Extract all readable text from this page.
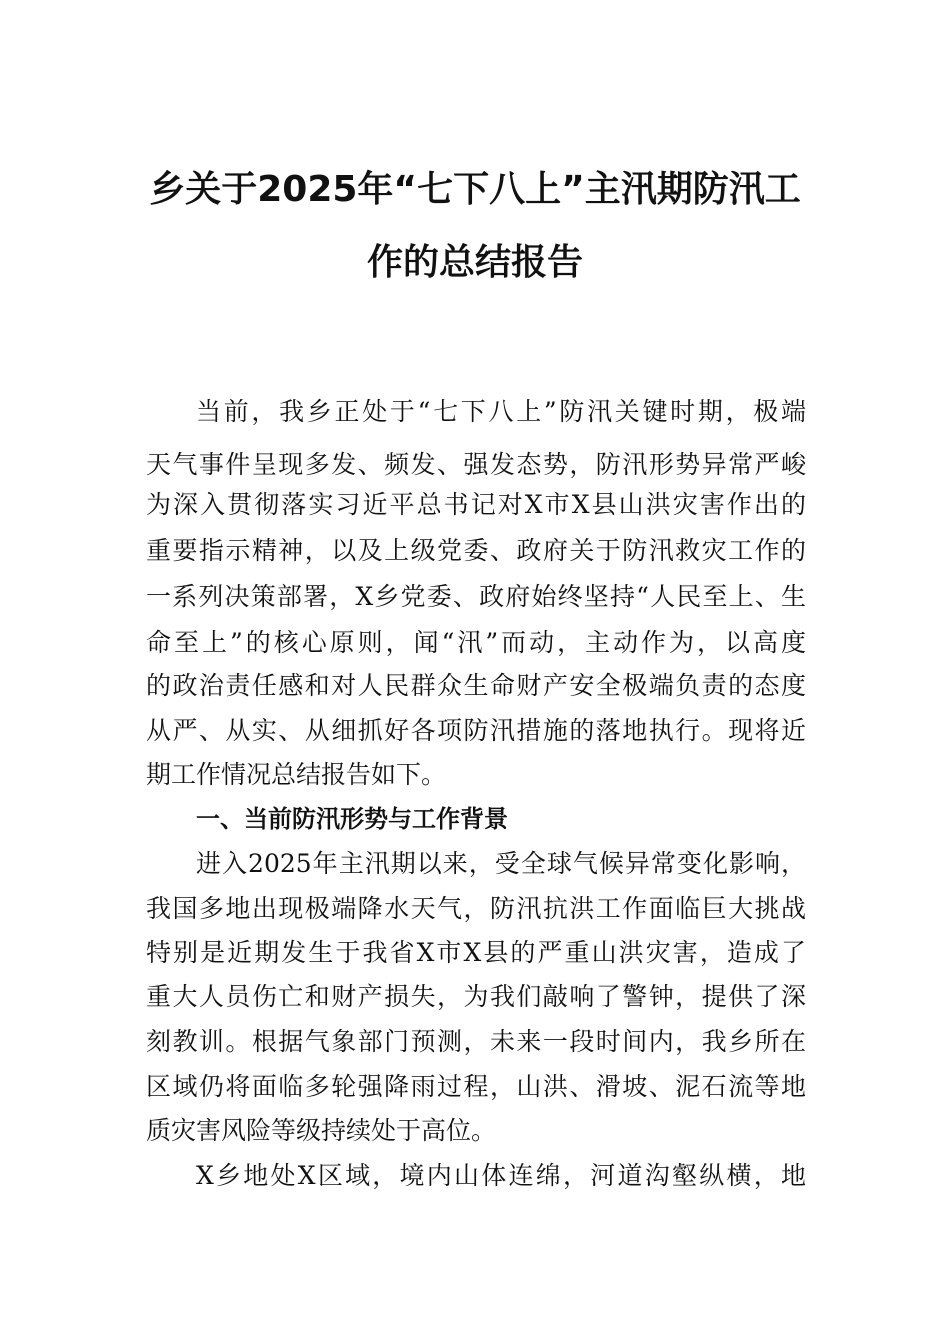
乡关于2025年“七下八上”主汛期防汛工
作的总结报告
当前，我乡正处于“七下八上”防汛关键时期，极端
天气事件呈现多发、频发、强发态势，防汛形势异常严峻
为深入贯彻落实习近平总书记对X市X县山洪灾害作出的
重要指示精神，以及上级党委、政府关于防汛救灾工作的
一系列决策部署，X乡党委、政府始终坚持“人民至上、生
命至上”的核心原则，闻“汛”而动，主动作为，以高度
的政治责任感和对人民群众生命财产安全极端负责的态度
从严、从实、从细抓好各项防汛措施的落地执行。现将近
期工作情况总结报告如下。
一、当前防汛形势与工作背景
进入2025年主汛期以来，受全球气候异常变化影响，
我国多地出现极端降水天气，防汛抗洪工作面临巨大挑战
特别是近期发生于我省X市X县的严重山洪灾害，造成了
重大人员伤亡和财产损失，为我们敲响了警钟，提供了深
刻教训。根据气象部门预测，未来一段时间内，我乡所在
区域仍将面临多轮强降雨过程，山洪、滑坡、泥石流等地
质灾害风险等级持续处于高位。
X乡地处X区域，境内山体连绵，河道沟壑纵横，地
